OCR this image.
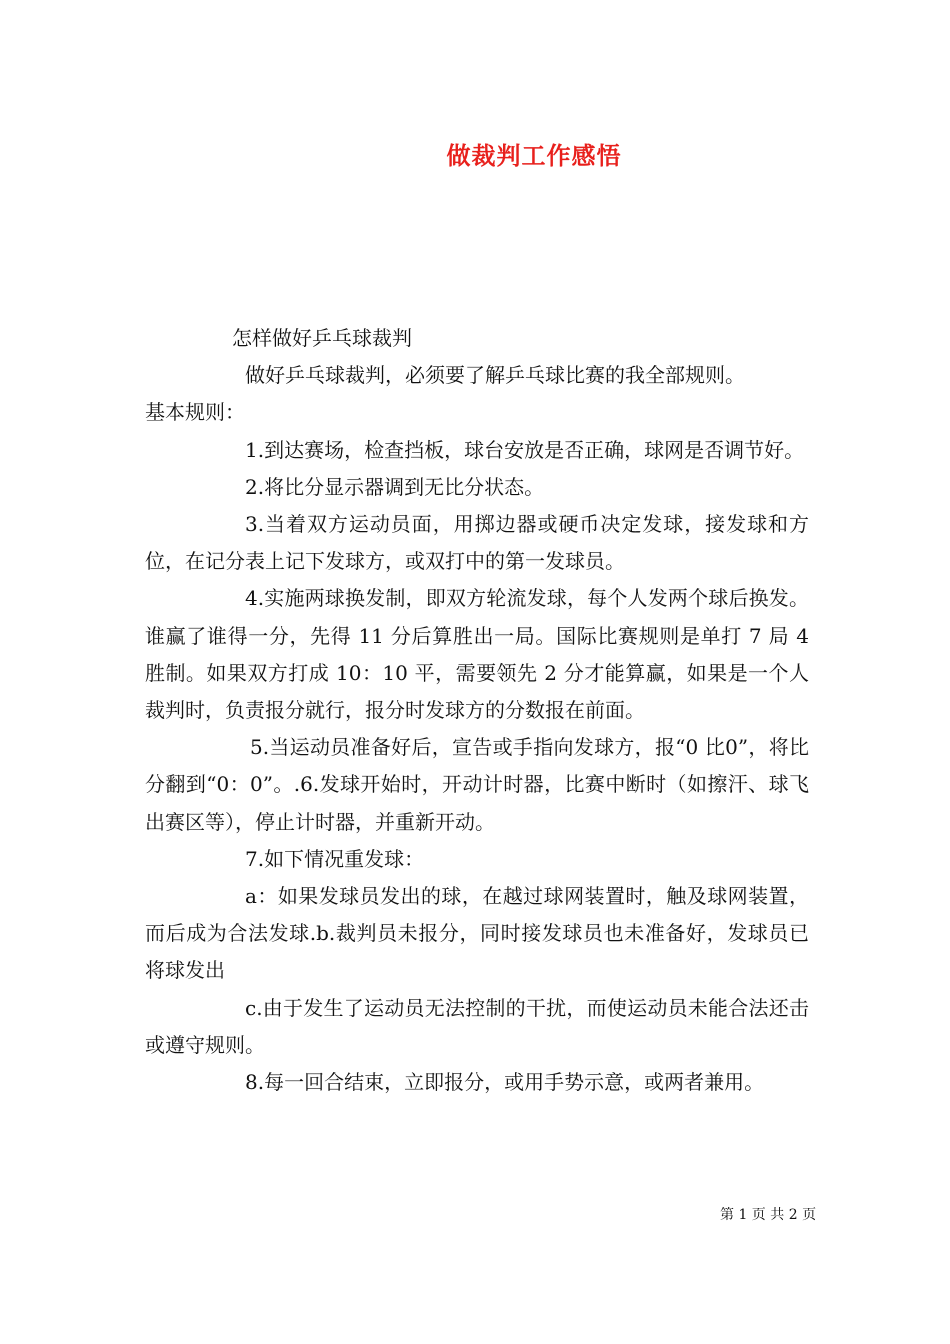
做裁判工作感悟

怎样做好乒乓球裁判

做好乒乓球裁判，必须要了解乒乓球比赛的我全部规则。

基本规则：

1.到达赛场，检查挡板，球台安放是否正确，球网是否调节好。

2.将比分显示器调到无比分状态。

3.当着双方运动员面，用掷边器或硬币决定发球，接发球和方位，在记分表上记下发球方，或双打中的第一发球员。

4.实施两球换发制，即双方轮流发球，每个人发两个球后换发。谁赢了谁得一分，先得 11 分后算胜出一局。国际比赛规则是单打 7 局 4 胜制。如果双方打成 10：10 平，需要领先 2 分才能算赢，如果是一个人裁判时，负责报分就行，报分时发球方的分数报在前面。

5.当运动员准备好后，宣告或手指向发球方，报“0 比0”，将比分翻到“0：0”。.6.发球开始时，开动计时器，比赛中断时（如擦汗、球飞出赛区等），停止计时器，并重新开动。

7.如下情况重发球：

a：如果发球员发出的球，在越过球网装置时，触及球网装置，而后成为合法发球.b.裁判员未报分，同时接发球员也未准备好，发球员已将球发出

c.由于发生了运动员无法控制的干扰，而使运动员未能合法还击或遵守规则。

8.每一回合结束，立即报分，或用手势示意，或两者兼用。

第 1 页 共 2 页
